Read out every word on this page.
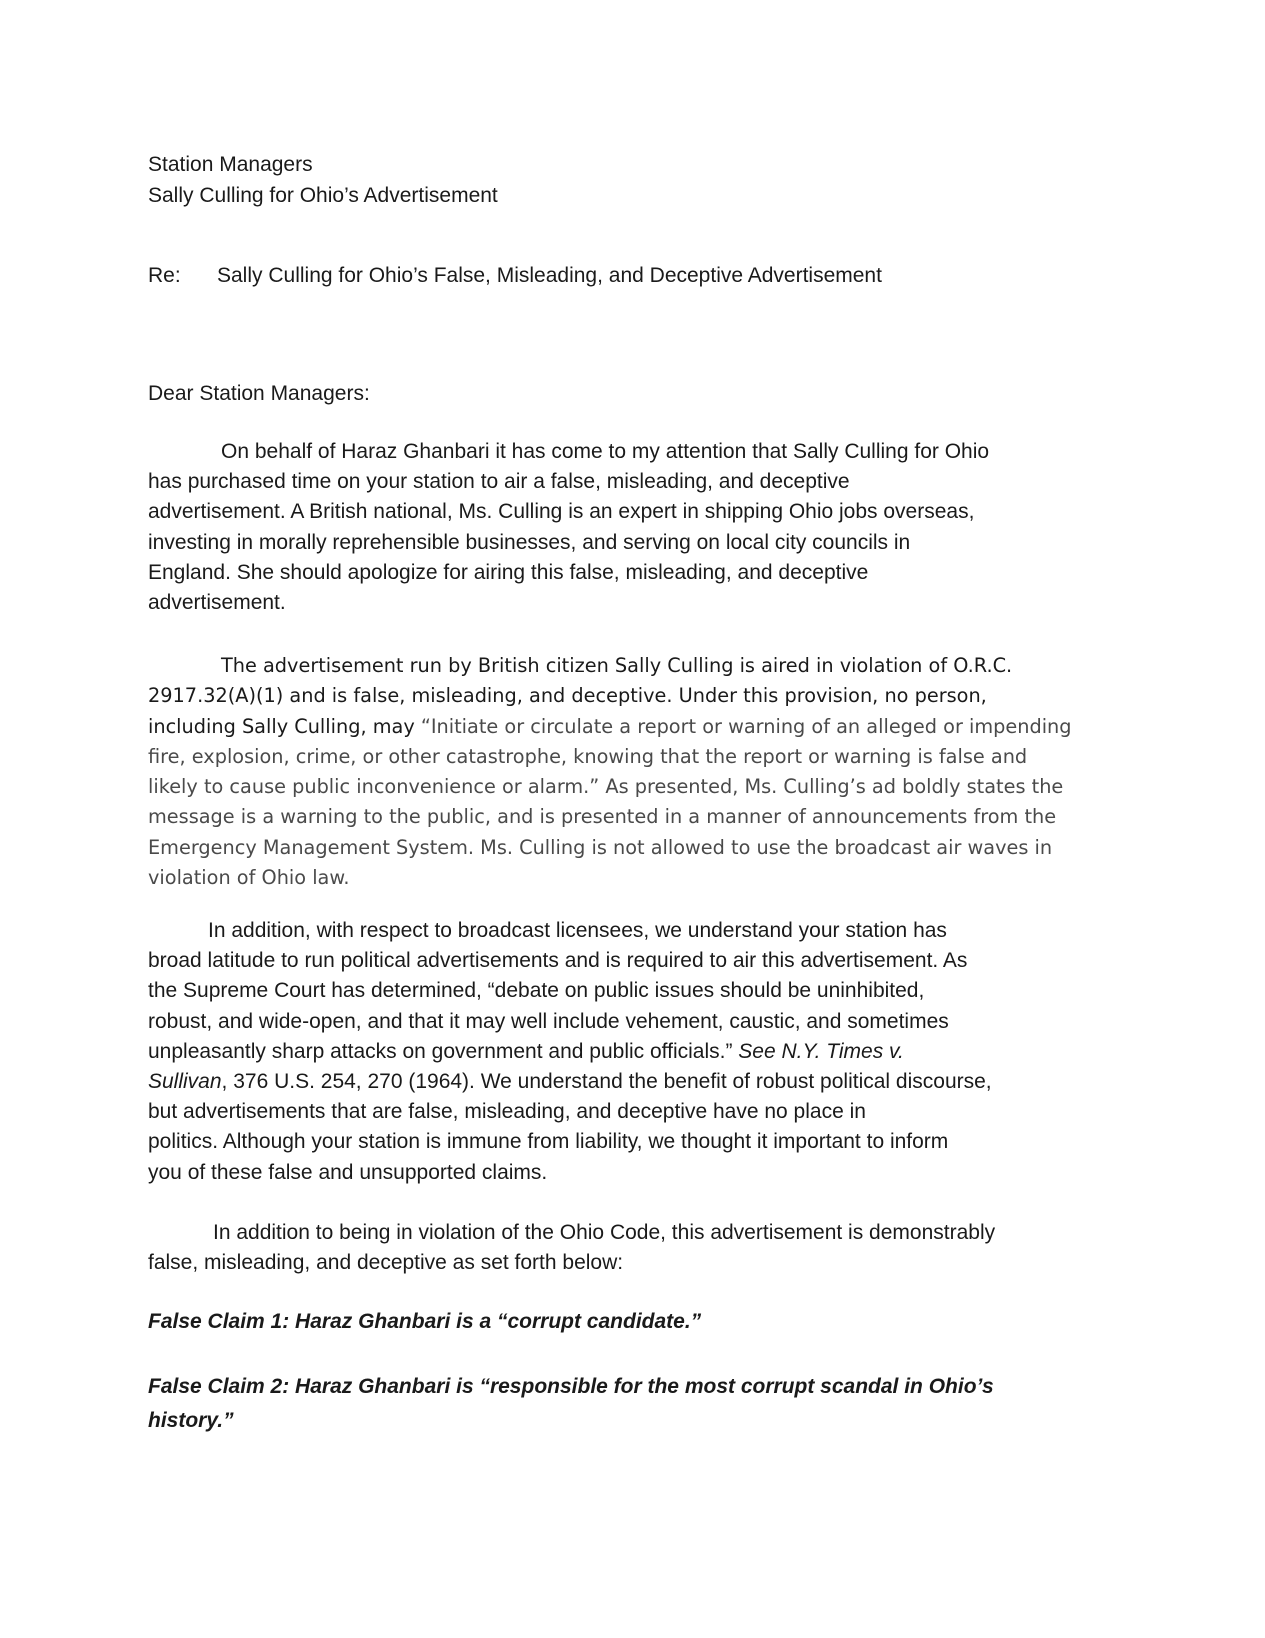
Station Managers
Sally Culling for Ohio’s Advertisement
Re: Sally Culling for Ohio’s False, Misleading, and Deceptive Advertisement
Dear Station Managers:
On behalf of Haraz Ghanbari it has come to my attention that Sally Culling for Ohio
has purchased time on your station to air a false, misleading, and deceptive
advertisement. A British national, Ms. Culling is an expert in shipping Ohio jobs overseas,
investing in morally reprehensible businesses, and serving on local city councils in
England. She should apologize for airing this false, misleading, and deceptive
advertisement.
The advertisement run by British citizen Sally Culling is aired in violation of O.R.C.
2917.32(A)(1) and is false, misleading, and deceptive. Under this provision, no person,
including Sally Culling, may “Initiate or circulate a report or warning of an alleged or impending
fire, explosion, crime, or other catastrophe, knowing that the report or warning is false and
likely to cause public inconvenience or alarm.” As presented, Ms. Culling’s ad boldly states the
message is a warning to the public, and is presented in a manner of announcements from the
Emergency Management System. Ms. Culling is not allowed to use the broadcast air waves in
violation of Ohio law.
In addition, with respect to broadcast licensees, we understand your station has
broad latitude to run political advertisements and is required to air this advertisement. As
the Supreme Court has determined, “debate on public issues should be uninhibited,
robust, and wide-open, and that it may well include vehement, caustic, and sometimes
unpleasantly sharp attacks on government and public officials.” See N.Y. Times v.
Sullivan, 376 U.S. 254, 270 (1964). We understand the benefit of robust political discourse,
but advertisements that are false, misleading, and deceptive have no place in
politics. Although your station is immune from liability, we thought it important to inform
you of these false and unsupported claims.
In addition to being in violation of the Ohio Code, this advertisement is demonstrably
false, misleading, and deceptive as set forth below:
False Claim 1: Haraz Ghanbari is a “corrupt candidate.”
False Claim 2: Haraz Ghanbari is “responsible for the most corrupt scandal in Ohio’s
history.”
